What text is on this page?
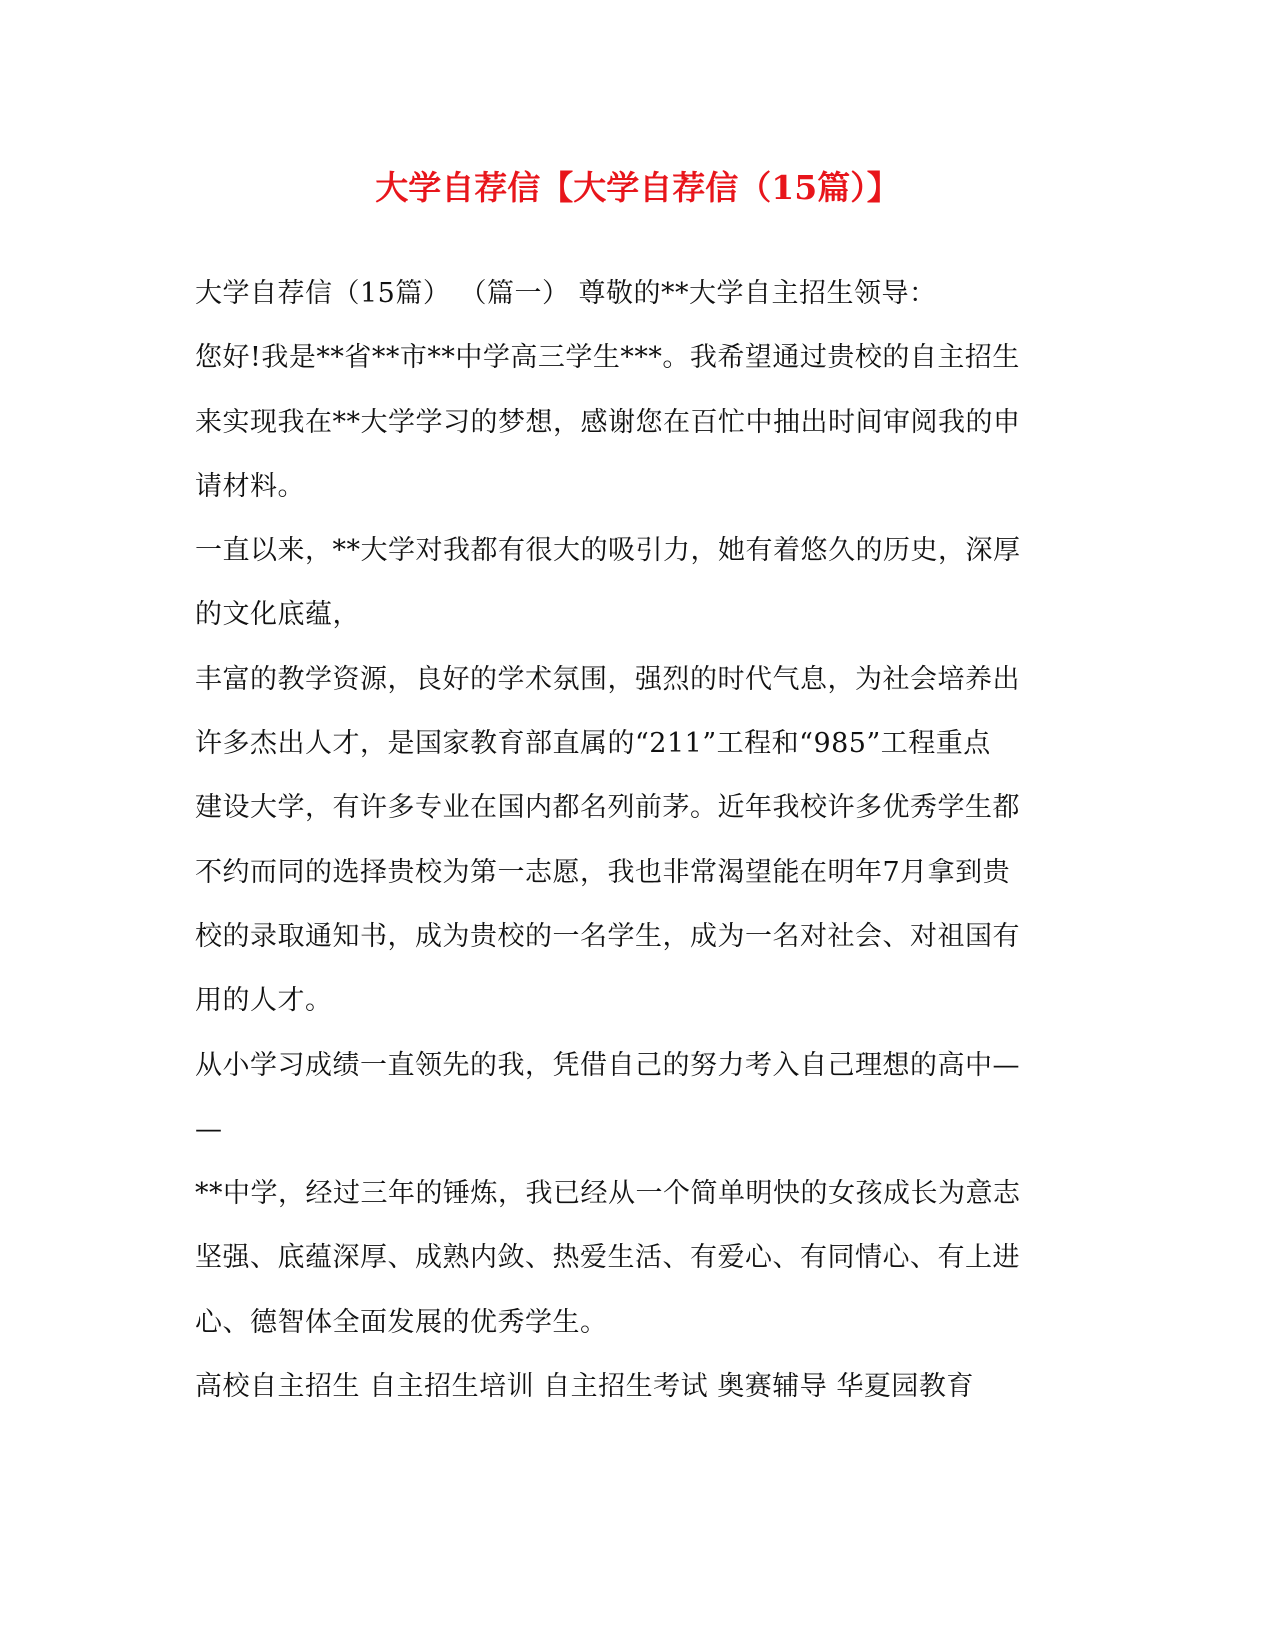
大学自荐信【大学自荐信（15篇）】
大学自荐信（15篇） （篇一） 尊敬的**大学自主招生领导：
您好!我是**省**市**中学高三学生***。我希望通过贵校的自主招生
来实现我在**大学学习的梦想，感谢您在百忙中抽出时间审阅我的申
请材料。
一直以来，**大学对我都有很大的吸引力，她有着悠久的历史，深厚
的文化底蕴，
丰富的教学资源，良好的学术氛围，强烈的时代气息，为社会培养出
许多杰出人才，是国家教育部直属的“211”工程和“985”工程重点
建设大学，有许多专业在国内都名列前茅。近年我校许多优秀学生都
不约而同的选择贵校为第一志愿，我也非常渴望能在明年7月拿到贵
校的录取通知书，成为贵校的一名学生，成为一名对社会、对祖国有
用的人才。
从小学习成绩一直领先的我，凭借自己的努力考入自己理想的高中—
—
**中学，经过三年的锤炼，我已经从一个简单明快的女孩成长为意志
坚强、底蕴深厚、成熟内敛、热爱生活、有爱心、有同情心、有上进
心、德智体全面发展的优秀学生。
高校自主招生 自主招生培训 自主招生考试 奥赛辅导 华夏园教育
